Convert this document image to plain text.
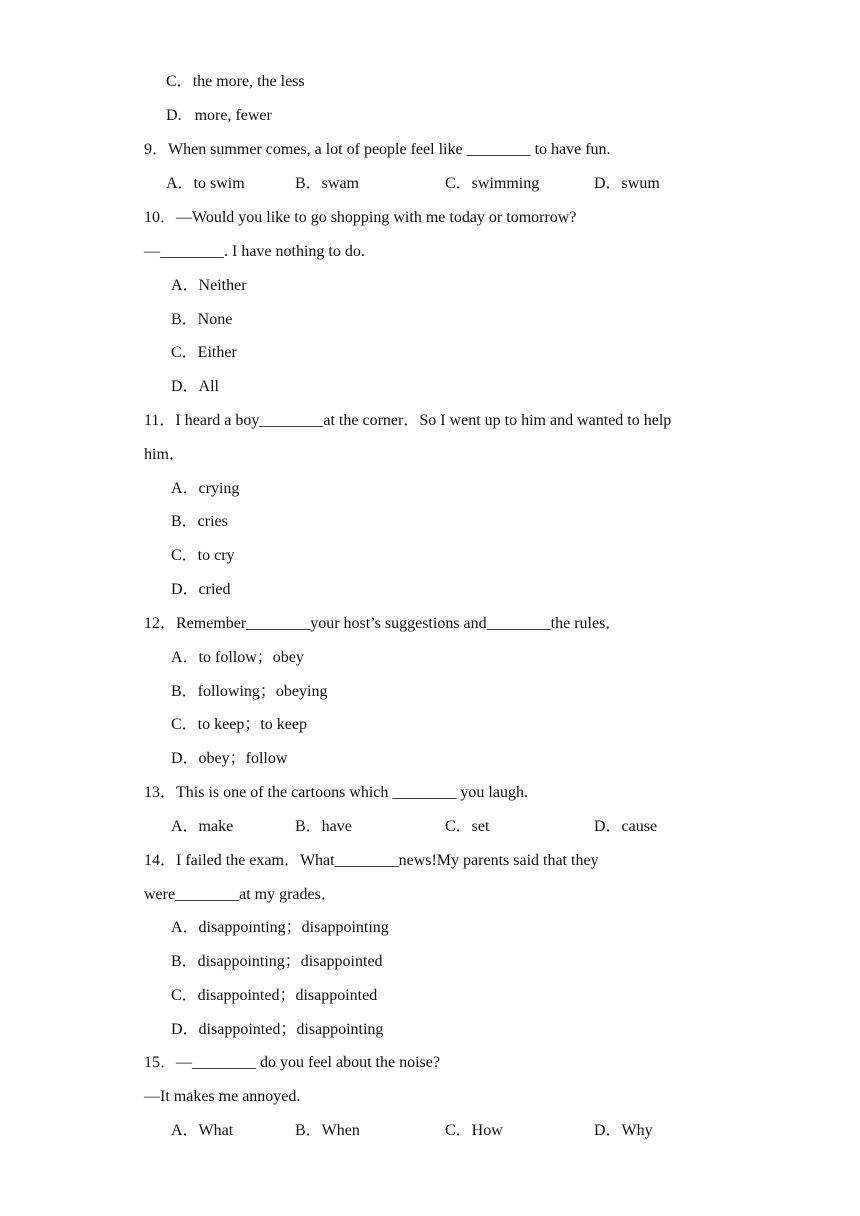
C．the more, the less
D. more, fewer
9．When summer comes, a lot of people feel like ________ to have fun.
A．to swim	B．swam	C．swimming	D．swum
10．—Would you like to go shopping with me today or tomorrow?
—________. I have nothing to do.
A．Neither
B．None
C．Either
D．All
11．I heard a boy________at the corner．So I went up to him and wanted to help
him．
A．crying
B．cries
C．to cry
D．cried
12．Remember________your host’s suggestions and________the rules．
A．to follow；obey
B．following；obeying
C．to keep；to keep
D．obey；follow
13．This is one of the cartoons which ________ you laugh.
A．make	B．have	C．set	D．cause
14．I failed the exam．What________news!My parents said that they
were________at my grades．
A．disappointing；disappointing
B．disappointing；disappointed
C．disappointed；disappointed
D．disappointed；disappointing
15．—________ do you feel about the noise?
—It makes me annoyed.
A．What	B．When	C．How	D．Why
